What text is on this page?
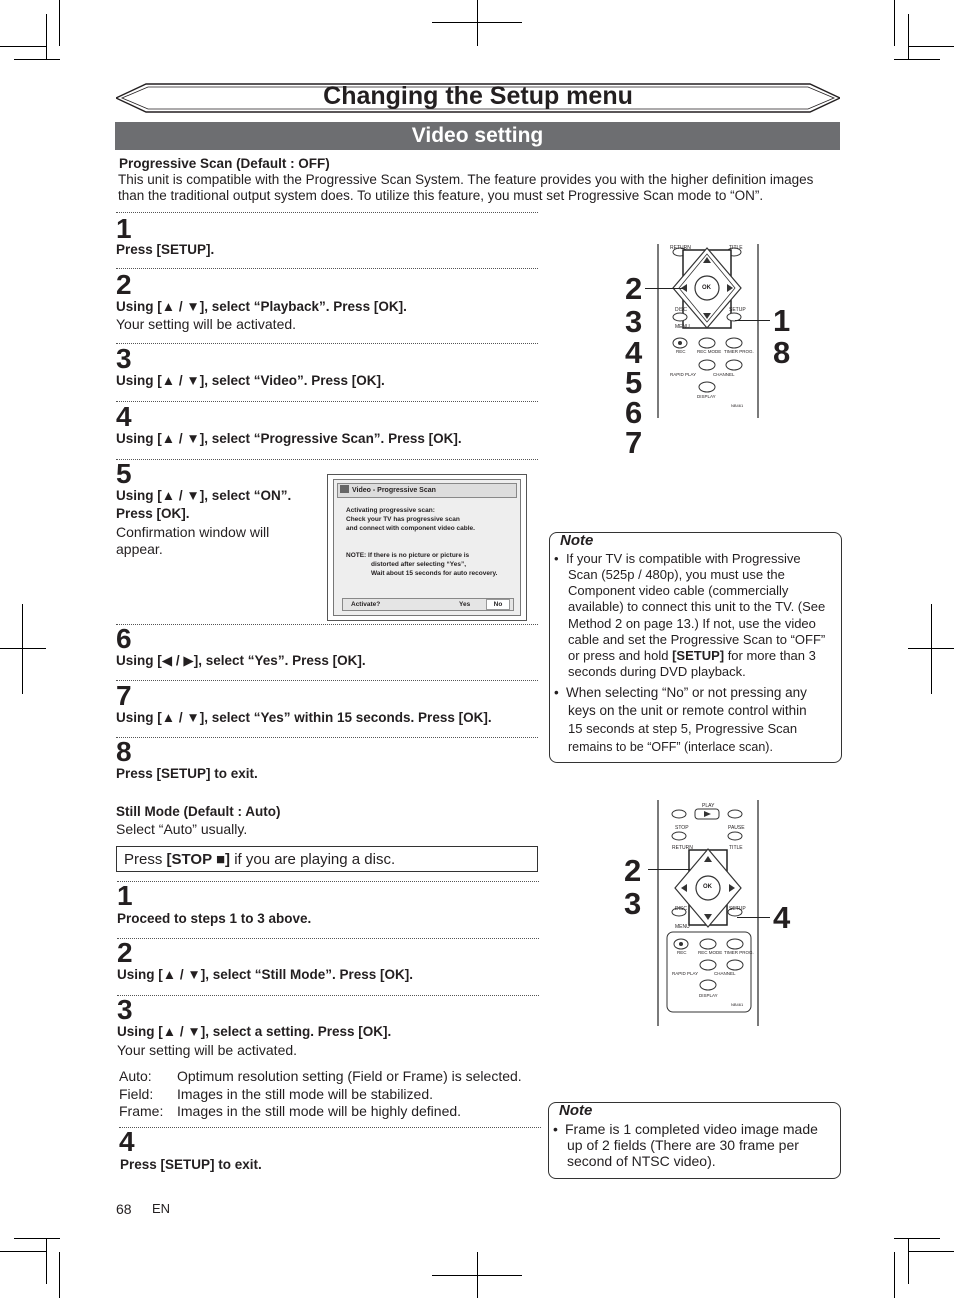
Changing the Setup menu
Video setting
Progressive Scan (Default : OFF)
This unit is compatible with the Progressive Scan System. The feature provides you with the higher definition images than the traditional output system does. To utilize this feature, you must set Progressive Scan mode to “ON”.
1
Press [SETUP].
2
Using [▲ / ▼], select “Playback”. Press [OK].
Your setting will be activated.
3
Using [▲ / ▼], select “Video”. Press [OK].
4
Using [▲ / ▼], select “Progressive Scan”. Press [OK].
5
Using [▲ / ▼], select “ON”.
Press [OK].
Confirmation window will
appear.
Video - Progressive Scan
Activating progressive scan:
Check your TV has progressive scan
and connect with component video cable.
NOTE: If there is no picture or picture is
distorted after selecting “Yes”,
Wait about 15 seconds for auto recovery.
Activate?	Yes	No
6
Using [◀ / ▶], select “Yes”. Press [OK].
7
Using [▲ / ▼], select “Yes” within 15 seconds. Press [OK].
8
Press [SETUP] to exit.
RETURN	TITLE
OK
DISC
MENU
SETUP
REC	REC MODE TIMER PROG.
RAPID PLAY	CHANNEL
DISPLAY
NB461
2
3
4
5
6
7
1
8
Note
• If your TV is compatible with Progressive
Scan (525p / 480p), you must use the
Component video cable (commercially
available) to connect this unit to the TV. (See
Method 2 on page 13.) If not, use the video
cable and set the Progressive Scan to “OFF”
or press and hold [SETUP] for more than 3
seconds during DVD playback.
• When selecting “No” or not pressing any
keys on the unit or remote control within
15 seconds at step 5, Progressive Scan
remains to be “OFF” (interlace scan).
Still Mode (Default : Auto)
Select “Auto” usually.
Press [STOP ■] if you are playing a disc.
1
Proceed to steps 1 to 3 above.
2
Using [▲ / ▼], select “Still Mode”. Press [OK].
3
Using [▲ / ▼], select a setting. Press [OK].
Your setting will be activated.
Auto: Optimum resolution setting (Field or Frame) is selected.
Field: Images in the still mode will be stabilized.
Frame: Images in the still mode will be highly defined.
4
Press [SETUP] to exit.
PLAY
STOP	PAUSE
RETURN	TITLE
OK
DISC
MENU
SETUP
REC	REC MODE TIMER PROG.
RAPID PLAY	CHANNEL
DISPLAY
NB461
2
3	4
Note
• Frame is 1 completed video image made
up of 2 fields (There are 30 frame per
second of NTSC video).
68 EN
